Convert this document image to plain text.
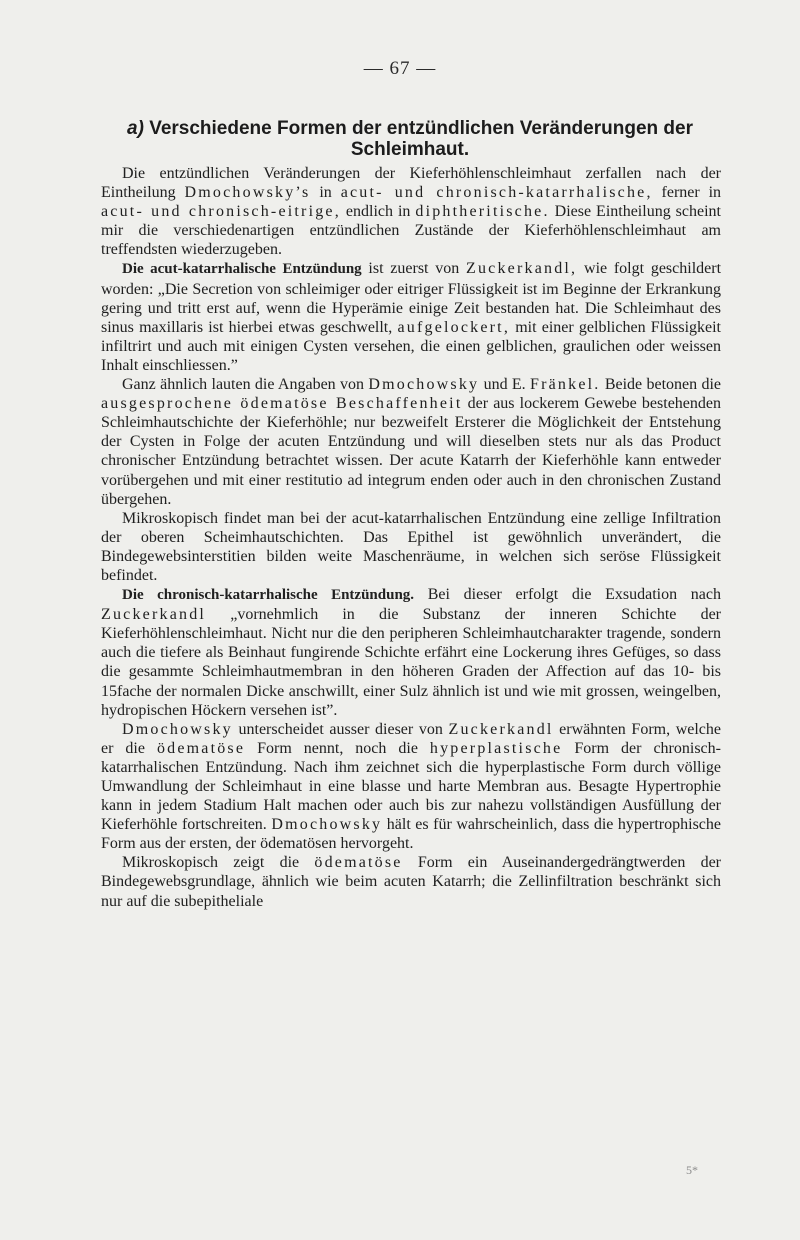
— 67 —
a) Verschiedene Formen der entzündlichen Veränderungen der
Schleimhaut.

Die entzündlichen Veränderungen der Kieferhöhlenschleimhaut zerfallen nach der Eintheilung Dmochowsky’s in acut- und chronisch-katarrhalische, ferner in acut- und chronisch-eitrige, endlich in diphtheritische. Diese Eintheilung scheint mir die verschiedenartigen entzündlichen Zustände der Kieferhöhlenschleimhaut am treffendsten wiederzugeben.

Die acut-katarrhalische Entzündung ist zuerst von Zuckerkandl, wie folgt geschildert worden: „Die Secretion von schleimiger oder eitriger Flüssigkeit ist im Beginne der Erkrankung gering und tritt erst auf, wenn die Hyperämie einige Zeit bestanden hat. Die Schleimhaut des sinus maxillaris ist hierbei etwas geschwellt, aufgelockert, mit einer gelblichen Flüssigkeit infiltrirt und auch mit einigen Cysten versehen, die einen gelblichen, graulichen oder weissen Inhalt einschliessen.”

Ganz ähnlich lauten die Angaben von Dmochowsky und E. Fränkel. Beide betonen die ausgesprochene ödematöse Beschaffenheit der aus lockerem Gewebe bestehenden Schleimhautschichte der Kieferhöhle; nur bezweifelt Ersterer die Möglichkeit der Entstehung der Cysten in Folge der acuten Entzündung und will dieselben stets nur als das Product chronischer Entzündung betrachtet wissen. Der acute Katarrh der Kieferhöhle kann entweder vorübergehen und mit einer restitutio ad integrum enden oder auch in den chronischen Zustand übergehen.

Mikroskopisch findet man bei der acut-katarrhalischen Entzündung eine zellige Infiltration der oberen Scheimhautschichten. Das Epithel ist gewöhnlich unverändert, die Bindegewebsinterstitien bilden weite Maschenräume, in welchen sich seröse Flüssigkeit befindet.

Die chronisch-katarrhalische Entzündung. Bei dieser erfolgt die Exsudation nach Zuckerkandl „vornehmlich in die Substanz der inneren Schichte der Kieferhöhlenschleimhaut. Nicht nur die den peripheren Schleimhautcharakter tragende, sondern auch die tiefere als Beinhaut fungirende Schichte erfährt eine Lockerung ihres Gefüges, so dass die gesammte Schleimhautmembran in den höheren Graden der Affection auf das 10- bis 15fache der normalen Dicke anschwillt, einer Sulz ähnlich ist und wie mit grossen, weingelben, hydropischen Höckern versehen ist”.

Dmochowsky unterscheidet ausser dieser von Zuckerkandl erwähnten Form, welche er die ödematöse Form nennt, noch die hyperplastische Form der chronisch-katarrhalischen Entzündung. Nach ihm zeichnet sich die hyperplastische Form durch völlige Umwandlung der Schleimhaut in eine blasse und harte Membran aus. Besagte Hypertrophie kann in jedem Stadium Halt machen oder auch bis zur nahezu vollständigen Ausfüllung der Kieferhöhle fortschreiten. Dmochowsky hält es für wahrscheinlich, dass die hypertrophische Form aus der ersten, der ödematösen hervorgeht.

Mikroskopisch zeigt die ödematöse Form ein Auseinandergedrängtwerden der Bindegewebsgrundlage, ähnlich wie beim acuten Katarrh; die Zellinfiltration beschränkt sich nur auf die subepitheliale

5*
